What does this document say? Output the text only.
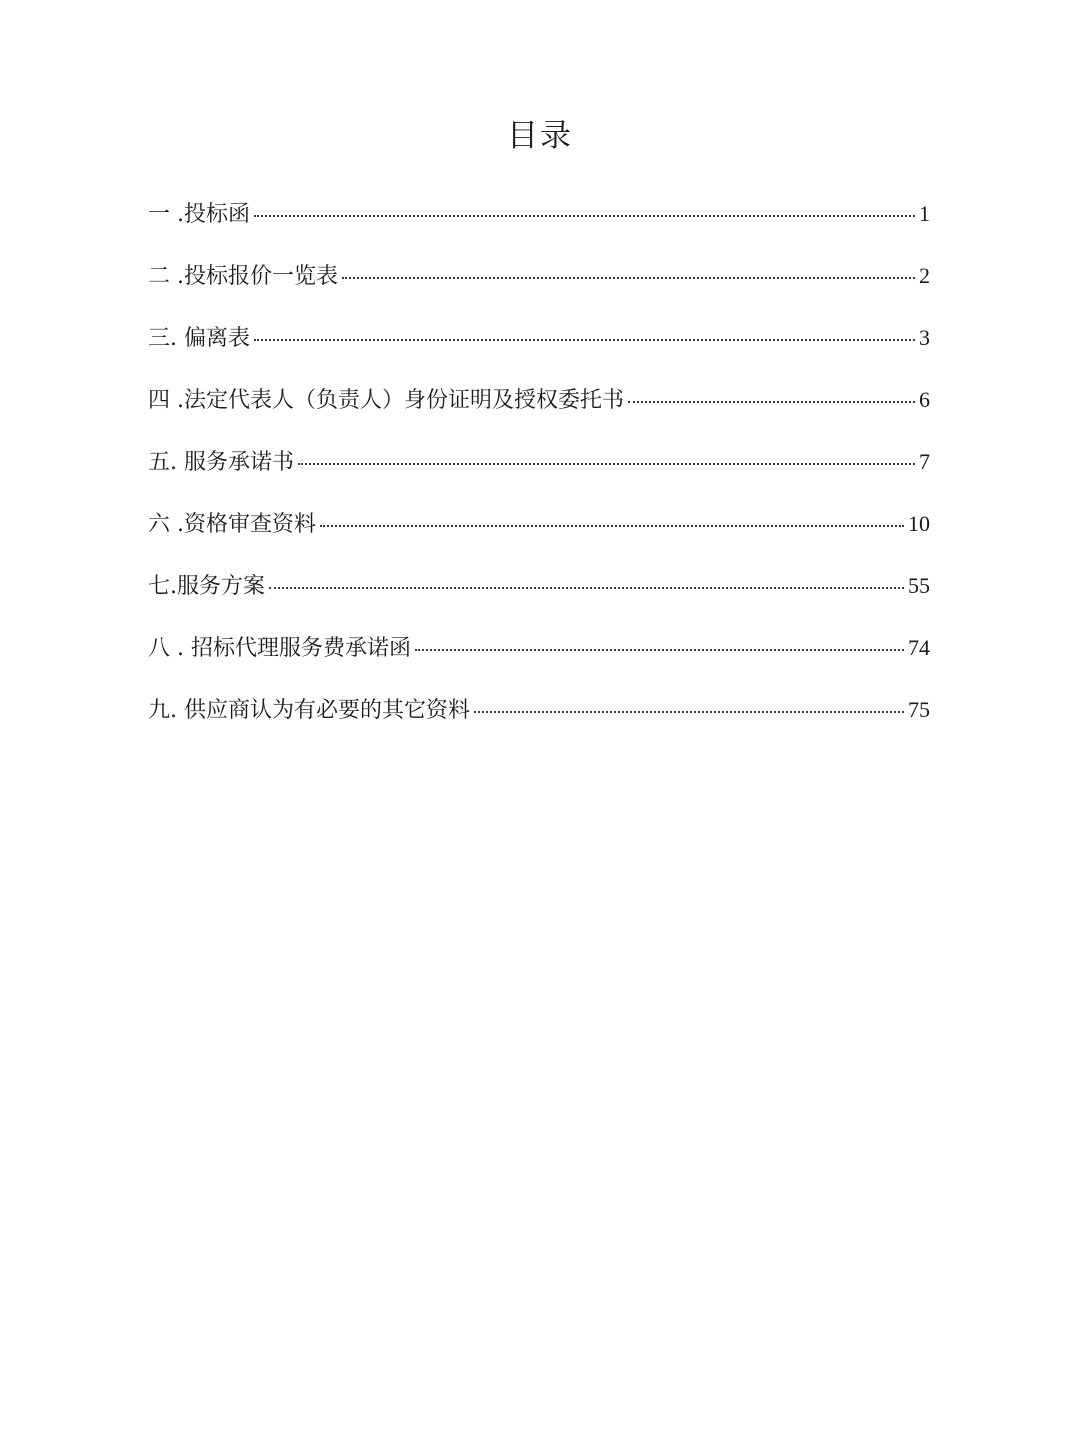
目录
一 .投标函	1
二 .投标报价一览表	2
三. 偏离表	3
四 .法定代表人（负责人）身份证明及授权委托书	6
五. 服务承诺书	7
六 .资格审查资料	10
七.服务方案	55
八 . 招标代理服务费承诺函	74
九. 供应商认为有必要的其它资料	75
